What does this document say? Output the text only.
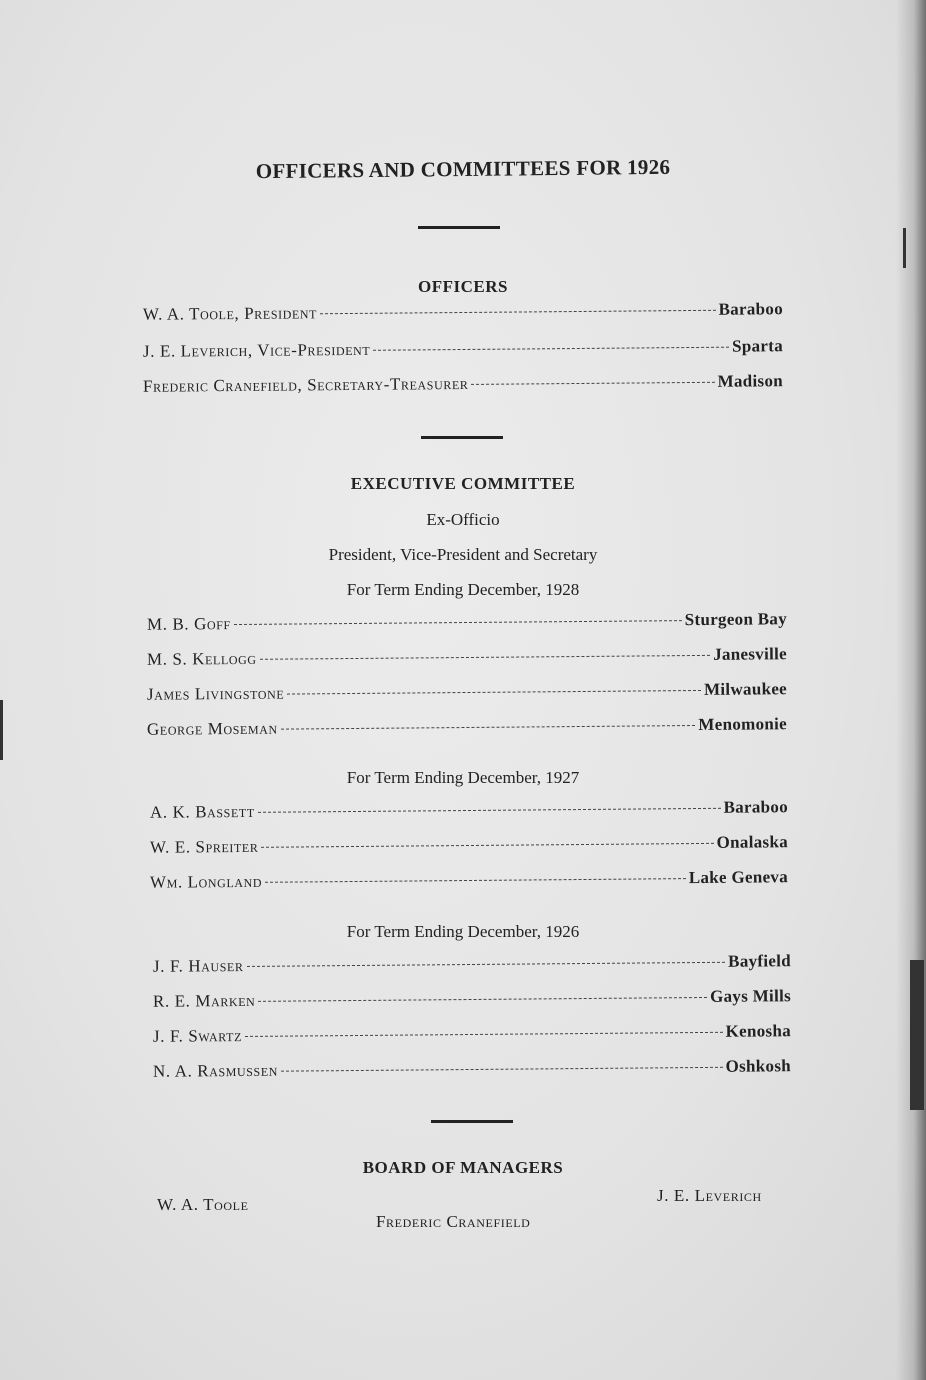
OFFICERS AND COMMITTEES FOR 1926
OFFICERS
W. A. Toole, President	Baraboo
J. E. Leverich, Vice-President	Sparta
Frederic Cranefield, Secretary-Treasurer	Madison
EXECUTIVE COMMITTEE
Ex-Officio
President, Vice-President and Secretary
For Term Ending December, 1928
M. B. Goff	Sturgeon Bay
M. S. Kellogg	Janesville
James Livingstone	Milwaukee
George Moseman	Menomonie
For Term Ending December, 1927
A. K. Bassett	Baraboo
W. E. Spreiter	Onalaska
Wm. Longland	Lake Geneva
For Term Ending December, 1926
J. F. Hauser	Bayfield
R. E. Marken	Gays Mills
J. F. Swartz	Kenosha
N. A. Rasmussen	Oshkosh
BOARD OF MANAGERS
W. A. Toole
Frederic Cranefield
J. E. Leverich
